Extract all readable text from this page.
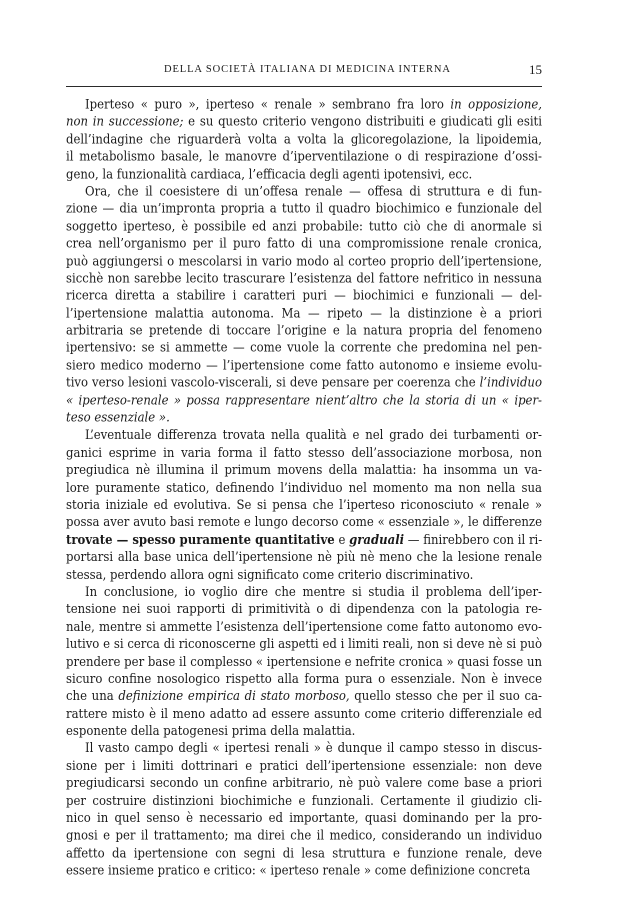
DELLA SOCIETÀ ITALIANA DI MEDICINA INTERNA	15
Iperteso « puro », iperteso « renale » sembrano fra loro in opposizione,
non in successione; e su questo criterio vengono distribuiti e giudicati gli esiti
dell’indagine che riguarderà volta a volta la glicoregolazione, la lipoidemia,
il metabolismo basale, le manovre d’iperventilazione o di respirazione d’ossi-
geno, la funzionalità cardiaca, l’efficacia degli agenti ipotensivi, ecc.
Ora, che il coesistere di un’offesa renale — offesa di struttura e di fun-
zione — dia un’impronta propria a tutto il quadro biochimico e funzionale del
soggetto iperteso, è possibile ed anzi probabile: tutto ciò che di anormale si
crea nell’organismo per il puro fatto di una compromissione renale cronica,
può aggiungersi o mescolarsi in vario modo al corteo proprio dell’ipertensione,
sicchè non sarebbe lecito trascurare l’esistenza del fattore nefritico in nessuna
ricerca diretta a stabilire i caratteri puri — biochimici e funzionali — del-
l’ipertensione malattia autonoma. Ma — ripeto — la distinzione è a priori
arbitraria se pretende di toccare l’origine e la natura propria del fenomeno
ipertensivo: se si ammette — come vuole la corrente che predomina nel pen-
siero medico moderno — l’ipertensione come fatto autonomo e insieme evolu-
tivo verso lesioni vascolo-viscerali, si deve pensare per coerenza che l’individuo
« iperteso-renale » possa rappresentare nient’altro che la storia di un « iper-
teso essenziale ».
L’eventuale differenza trovata nella qualità e nel grado dei turbamenti or-
ganici esprime in varia forma il fatto stesso dell’associazione morbosa, non
pregiudica nè illumina il primum movens della malattia: ha insomma un va-
lore puramente statico, definendo l’individuo nel momento ma non nella sua
storia iniziale ed evolutiva. Se si pensa che l’iperteso riconosciuto « renale »
possa aver avuto basi remote e lungo decorso come « essenziale », le differenze
trovate — spesso puramente quantitative e graduali — finirebbero con il ri-
portarsi alla base unica dell’ipertensione nè più nè meno che la lesione renale
stessa, perdendo allora ogni significato come criterio discriminativo.
In conclusione, io voglio dire che mentre si studia il problema dell’iper-
tensione nei suoi rapporti di primitività o di dipendenza con la patologia re-
nale, mentre si ammette l’esistenza dell’ipertensione come fatto autonomo evo-
lutivo e si cerca di riconoscerne gli aspetti ed i limiti reali, non si deve nè si può
prendere per base il complesso « ipertensione e nefrite cronica » quasi fosse un
sicuro confine nosologico rispetto alla forma pura o essenziale. Non è invece
che una definizione empirica di stato morboso, quello stesso che per il suo ca-
rattere misto è il meno adatto ad essere assunto come criterio differenziale ed
esponente della patogenesi prima della malattia.
Il vasto campo degli « ipertesi renali » è dunque il campo stesso in discus-
sione per i limiti dottrinari e pratici dell’ipertensione essenziale: non deve
pregiudicarsi secondo un confine arbitrario, nè può valere come base a priori
per costruire distinzioni biochimiche e funzionali. Certamente il giudizio cli-
nico in quel senso è necessario ed importante, quasi dominando per la pro-
gnosi e per il trattamento; ma direi che il medico, considerando un individuo
affetto da ipertensione con segni di lesa struttura e funzione renale, deve
essere insieme pratico e critico: « iperteso renale » come definizione concreta
